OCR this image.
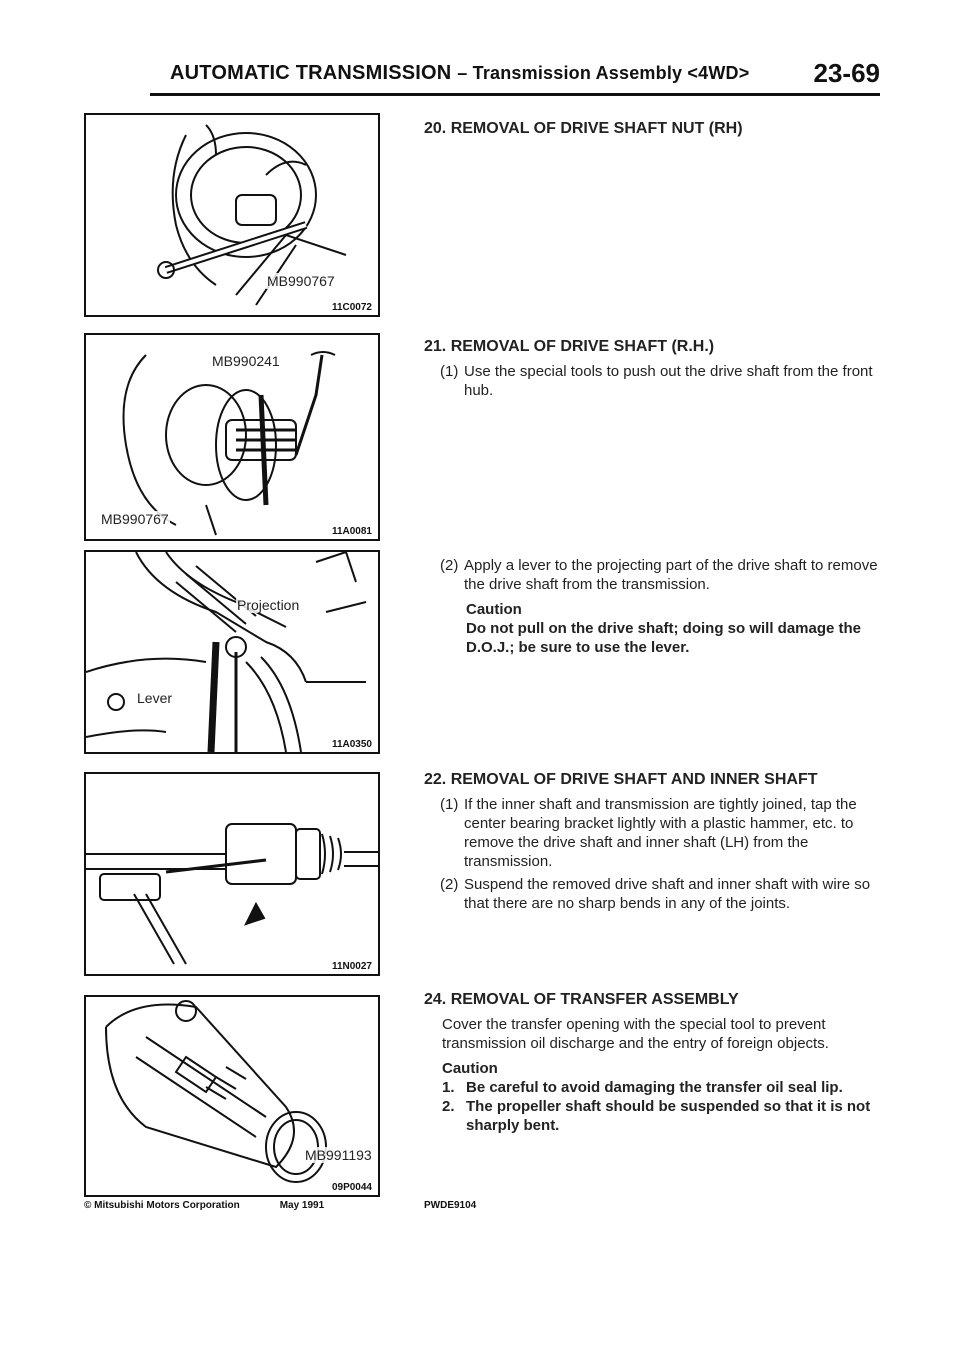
AUTOMATIC TRANSMISSION – Transmission Assembly <4WD> 23-69
MB990767
11C0072
MB990241
MB990767
11A0081
Projection
Lever
11A0350
11N0027
MB991193
09P0044
20. REMOVAL OF DRIVE SHAFT NUT (RH)
21. REMOVAL OF DRIVE SHAFT (R.H.)
(1) Use the special tools to push out the drive shaft from the front hub.
(2) Apply a lever to the projecting part of the drive shaft to remove the drive shaft from the transmission.
Caution
Do not pull on the drive shaft; doing so will damage the D.O.J.; be sure to use the lever.
22. REMOVAL OF DRIVE SHAFT AND INNER SHAFT
(1) If the inner shaft and transmission are tightly joined, tap the center bearing bracket lightly with a plastic hammer, etc. to remove the drive shaft and inner shaft (LH) from the transmission.
(2) Suspend the removed drive shaft and inner shaft with wire so that there are no sharp bends in any of the joints.
24. REMOVAL OF TRANSFER ASSEMBLY
Cover the transfer opening with the special tool to prevent transmission oil discharge and the entry of foreign objects.
Caution
1. Be careful to avoid damaging the transfer oil seal lip.
2. The propeller shaft should be suspended so that it is not sharply bent.
© Mitsubishi Motors Corporation	May 1991	PWDE9104
